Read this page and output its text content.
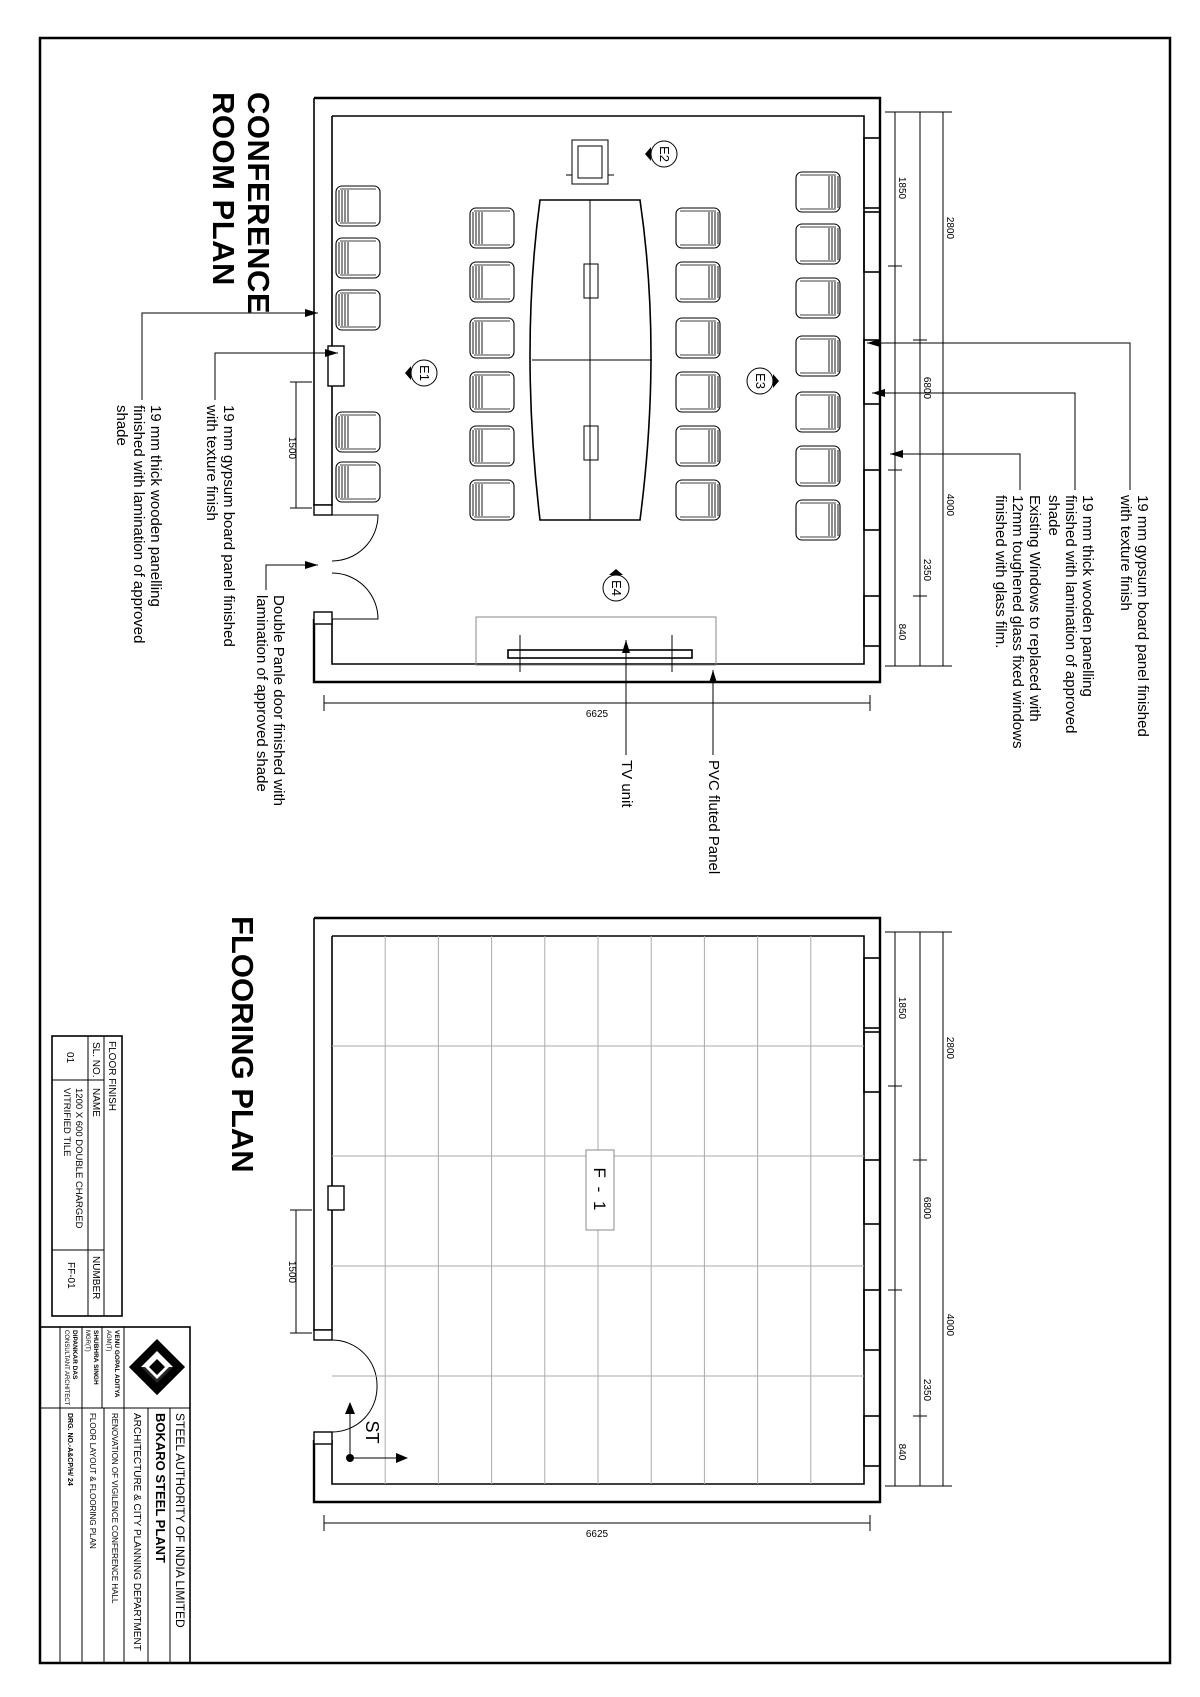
E1
E2
E3
E4
1850
2800
6800
4000
2350
840
1500
6625
CONFERENCE ROOM PLAN
19 mm gypsum board panel finishedwith texture finish
19 mm thick wooden panellingfinished with lamination of approvedshade
Existing Windows to replaced with12mm toughened glass fixed windowsfinished with glass film.
19 mm gypsum board panel finishedwith texture finish
19 mm thick wooden panellingfinished with lamination of approvedshade
Double Panle door finished withlamination of approved shade	TV unit	PVC fluted Panel
F - 1
ST
1850
2800
6800
4000
2350
840
1500
6625
FLOORING PLAN
FLOOR FINISH
SL. NO.
NAME
NUMBER
01
1200 X 600 DOUBLE CHARGED
VITRIFIED TILE
FF-01
STEEL AUTHORITY OF INDIA LIMITED
BOKARO STEEL PLANT
ARCHITECTURE & CITY PLANNING DEPARTMENT
RENOVATION OF VIGILENCE CONFERENCE HALL
FLOOR LAYOUT & FLOORING PLAN
DRG. NO.-A&CP/H/ 24
VENU GOPAL ADITYA
AGM(T)
SHUBHRA SINGH
MGR(T)
DIPANKAR DAS
CONSULTANT ARCHITECT
